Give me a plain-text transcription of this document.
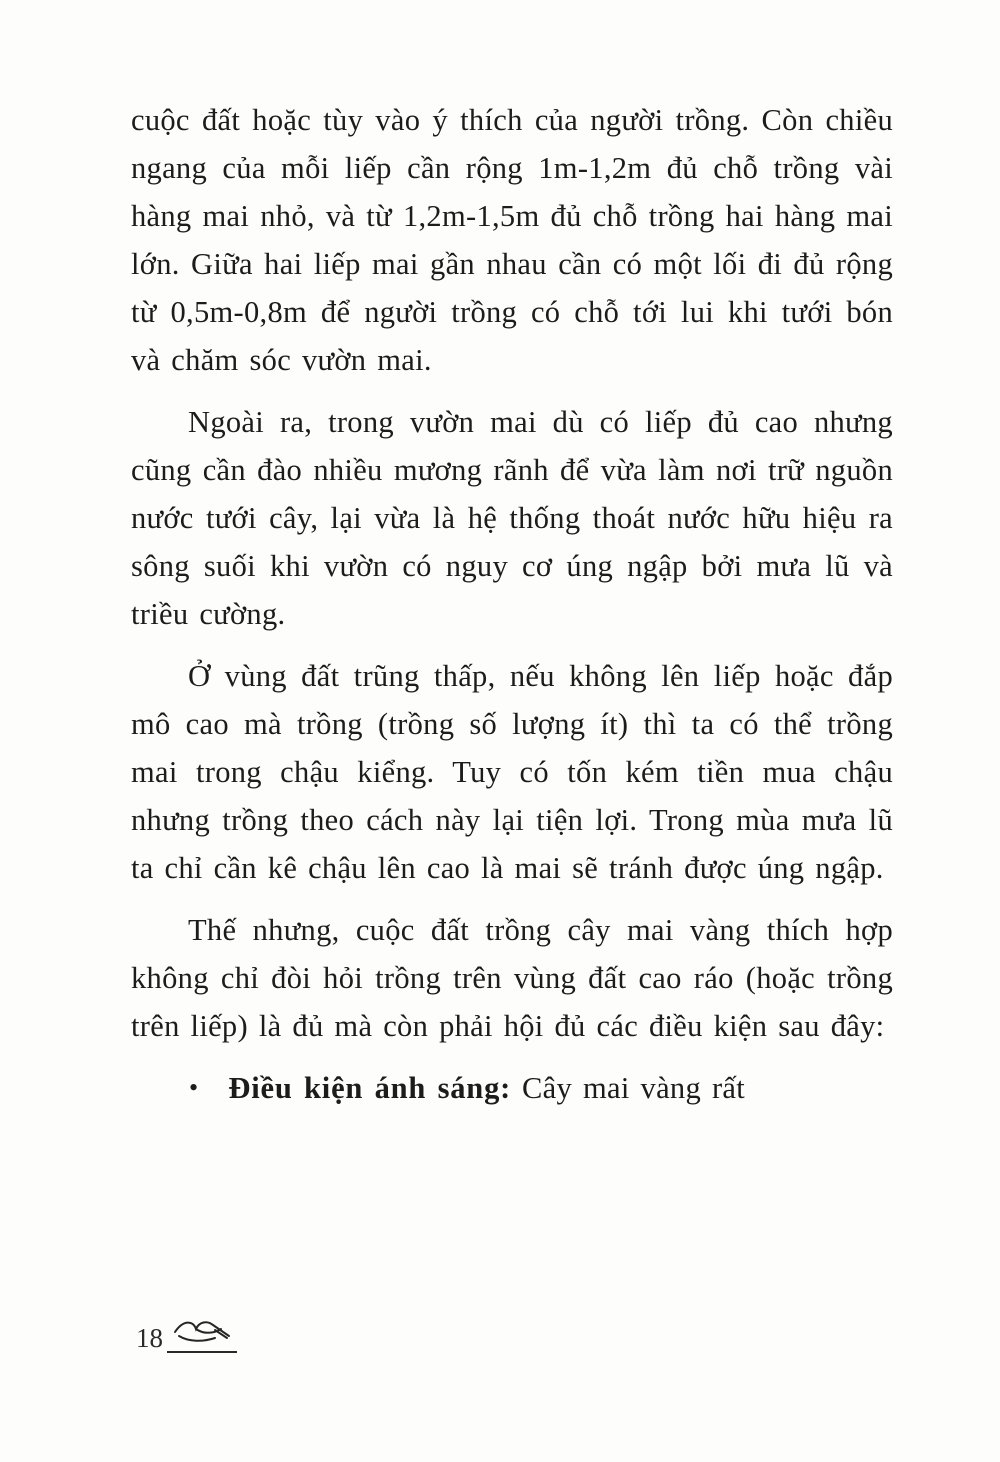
cuộc đất hoặc tùy vào ý thích của người trồng. Còn chiều ngang của mỗi liếp cần rộng 1m-1,2m đủ chỗ trồng vài hàng mai nhỏ, và từ 1,2m-1,5m đủ chỗ trồng hai hàng mai lớn. Giữa hai liếp mai gần nhau cần có một lối đi đủ rộng từ 0,5m-0,8m để người trồng có chỗ tới lui khi tưới bón và chăm sóc vườn mai.

Ngoài ra, trong vườn mai dù có liếp đủ cao nhưng cũng cần đào nhiều mương rãnh để vừa làm nơi trữ nguồn nước tưới cây, lại vừa là hệ thống thoát nước hữu hiệu ra sông suối khi vườn có nguy cơ úng ngập bởi mưa lũ và triều cường.

Ở vùng đất trũng thấp, nếu không lên liếp hoặc đắp mô cao mà trồng (trồng số lượng ít) thì ta có thể trồng mai trong chậu kiểng. Tuy có tốn kém tiền mua chậu nhưng trồng theo cách này lại tiện lợi. Trong mùa mưa lũ ta chỉ cần kê chậu lên cao là mai sẽ tránh được úng ngập.

Thế nhưng, cuộc đất trồng cây mai vàng thích hợp không chỉ đòi hỏi trồng trên vùng đất cao ráo (hoặc trồng trên liếp) là đủ mà còn phải hội đủ các điều kiện sau đây:

• Điều kiện ánh sáng: Cây mai vàng rất

18
